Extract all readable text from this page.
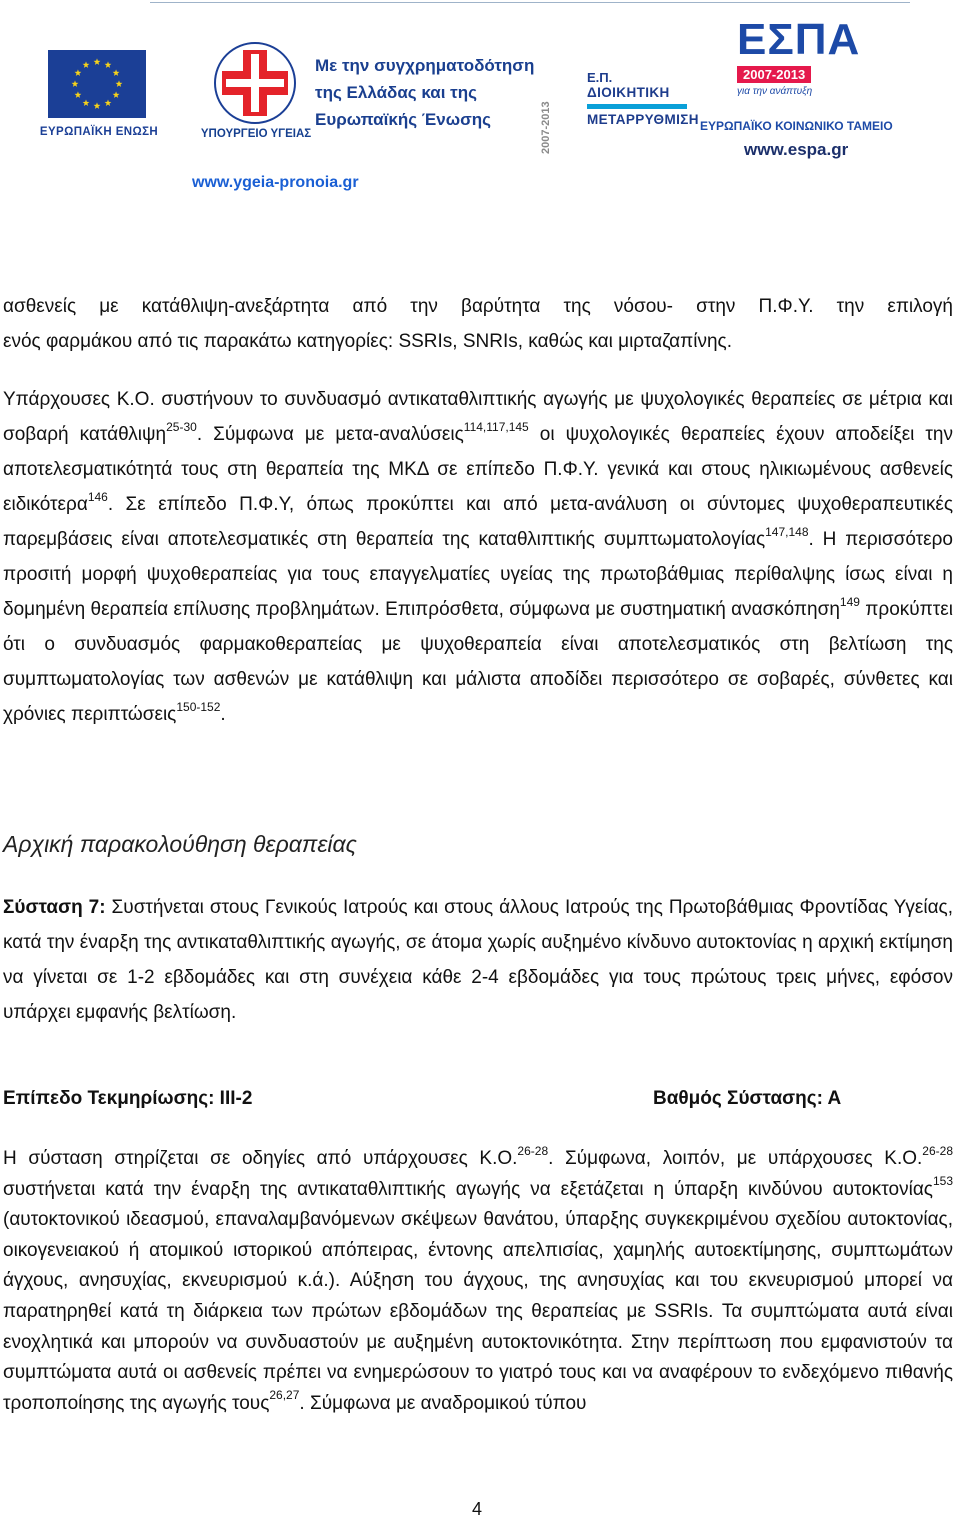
ΕΥΡΩΠΑΪΚΗ ΕΝΩΣΗ	ΥΠΟΥΡΓΕΙΟ ΥΓΕΙΑΣ
Με την συγχρηματοδότηση
της Ελλάδας και της
Ευρωπαϊκής Ένωσης
www.ygeia-pronoia.gr
2007-2013
Ε.Π.
ΔΙΟΙΚΗΤΙΚΗ
ΜΕΤΑΡΡΥΘΜΙΣΗ
ΕΣΠΑ
2007-2013
για την ανάπτυξη
ΕΥΡΩΠΑΪΚΟ ΚΟΙΝΩΝΙΚΟ ΤΑΜΕΙΟ
www.espa.gr

ασθενείς με κατάθλιψη-ανεξάρτητα από την βαρύτητα της νόσου- στην Π.Φ.Υ. την επιλογή

ενός φαρμάκου από τις παρακάτω κατηγορίες: SSRIs, SNRIs, καθώς και μιρταζαπίνης.

Υπάρχουσες Κ.Ο. συστήνουν το συνδυασμό αντικαταθλιπτικής αγωγής με ψυχολογικές θεραπείες σε μέτρια και σοβαρή κατάθλιψη$^{25-30}$. Σύμφωνα με μετα-αναλύσεις$^{114,117,145}$ οι ψυχολογικές θεραπείες έχουν αποδείξει την αποτελεσματικότητά τους στη θεραπεία της ΜΚΔ σε επίπεδο Π.Φ.Υ. γενικά και στους ηλικιωμένους ασθενείς ειδικότερα$^{146}$. Σε επίπεδο Π.Φ.Υ, όπως προκύπτει και από μετα-ανάλυση οι σύντομες ψυχοθεραπευτικές παρεμβάσεις είναι αποτελεσματικές στη θεραπεία της καταθλιπτικής συμπτωματολογίας$^{147,148}$. Η περισσότερο προσιτή μορφή ψυχοθεραπείας για τους επαγγελματίες υγείας της πρωτοβάθμιας περίθαλψης ίσως είναι η δομημένη θεραπεία επίλυσης προβλημάτων. Επιπρόσθετα, σύμφωνα με συστηματική ανασκόπηση$^{149}$ προκύπτει ότι ο συνδυασμός φαρμακοθεραπείας με ψυχοθεραπεία είναι αποτελεσματικός στη βελτίωση της συμπτωματολογίας των ασθενών με κατάθλιψη και μάλιστα αποδίδει περισσότερο σε σοβαρές, σύνθετες και χρόνιες περιπτώσεις$^{150-152}$.

Αρχική παρακολούθηση θεραπείας

Σύσταση 7: Συστήνεται στους Γενικούς Ιατρούς και στους άλλους Ιατρούς της Πρωτοβάθμιας Φροντίδας Υγείας, κατά την έναρξη της αντικαταθλιπτικής αγωγής, σε άτομα χωρίς αυξημένο κίνδυνο αυτοκτονίας η αρχική εκτίμηση να γίνεται σε 1-2 εβδομάδες και στη συνέχεια κάθε 2-4 εβδομάδες για τους πρώτους τρεις μήνες, εφόσον υπάρχει εμφανής βελτίωση.

Επίπεδο Τεκμηρίωσης: ΙΙΙ-2	Βαθμός Σύστασης: Α

Η σύσταση στηρίζεται σε οδηγίες από υπάρχουσες Κ.Ο.$^{26-28}$. Σύμφωνα, λοιπόν, με υπάρχουσες Κ.Ο.$^{26-28}$ συστήνεται κατά την έναρξη της αντικαταθλιπτικής αγωγής να εξετάζεται η ύπαρξη κινδύνου αυτοκτονίας$^{153}$ (αυτοκτονικού ιδεασμού, επαναλαμβανόμενων σκέψεων θανάτου, ύπαρξης συγκεκριμένου σχεδίου αυτοκτονίας, οικογενειακού ή ατομικού ιστορικού απόπειρας, έντονης απελπισίας, χαμηλής αυτοεκτίμησης, συμπτωμάτων άγχους, ανησυχίας, εκνευρισμού κ.ά.). Αύξηση του άγχους, της ανησυχίας και του εκνευρισμού μπορεί να παρατηρηθεί κατά τη διάρκεια των πρώτων εβδομάδων της θεραπείας με SSRIs. Τα συμπτώματα αυτά είναι ενοχλητικά και μπορούν να συνδυαστούν με αυξημένη αυτοκτονικότητα. Στην περίπτωση που εμφανιστούν τα συμπτώματα αυτά οι ασθενείς πρέπει να ενημερώσουν το γιατρό τους και να αναφέρουν το ενδεχόμενο πιθανής τροποποίησης της αγωγής τους$^{26,27}$. Σύμφωνα με αναδρομικού τύπου

4
